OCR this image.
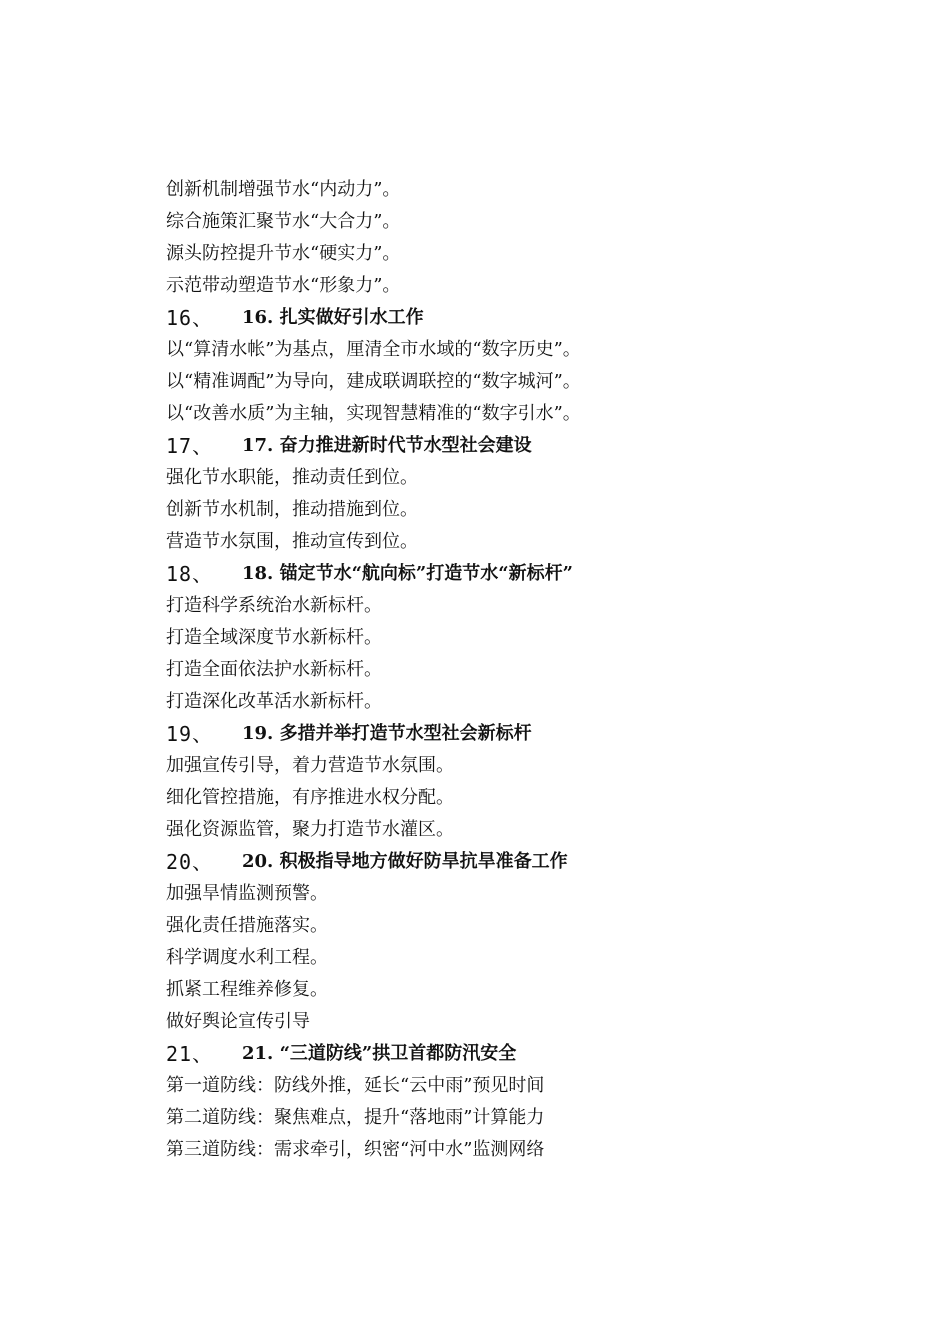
创新机制增强节水“内动力”。
综合施策汇聚节水“大合力”。
源头防控提升节水“硬实力”。
示范带动塑造节水“形象力”。
16、	16. 扎实做好引水工作
以“算清水帐”为基点，厘清全市水域的“数字历史”。
以“精准调配”为导向，建成联调联控的“数字城河”。
以“改善水质”为主轴，实现智慧精准的“数字引水”。
17、	17. 奋力推进新时代节水型社会建设
强化节水职能，推动责任到位。
创新节水机制，推动措施到位。
营造节水氛围，推动宣传到位。
18、	18. 锚定节水“航向标”打造节水“新标杆”
打造科学系统治水新标杆。
打造全域深度节水新标杆。
打造全面依法护水新标杆。
打造深化改革活水新标杆。
19、	19. 多措并举打造节水型社会新标杆
加强宣传引导，着力营造节水氛围。
细化管控措施，有序推进水权分配。
强化资源监管，聚力打造节水灌区。
20、	20. 积极指导地方做好防旱抗旱准备工作
加强旱情监测预警。
强化责任措施落实。
科学调度水利工程。
抓紧工程维养修复。
做好舆论宣传引导
21、	21. “三道防线”拱卫首都防汛安全
第一道防线：防线外推，延长“云中雨”预见时间
第二道防线：聚焦难点，提升“落地雨”计算能力
第三道防线：需求牵引，织密“河中水”监测网络
